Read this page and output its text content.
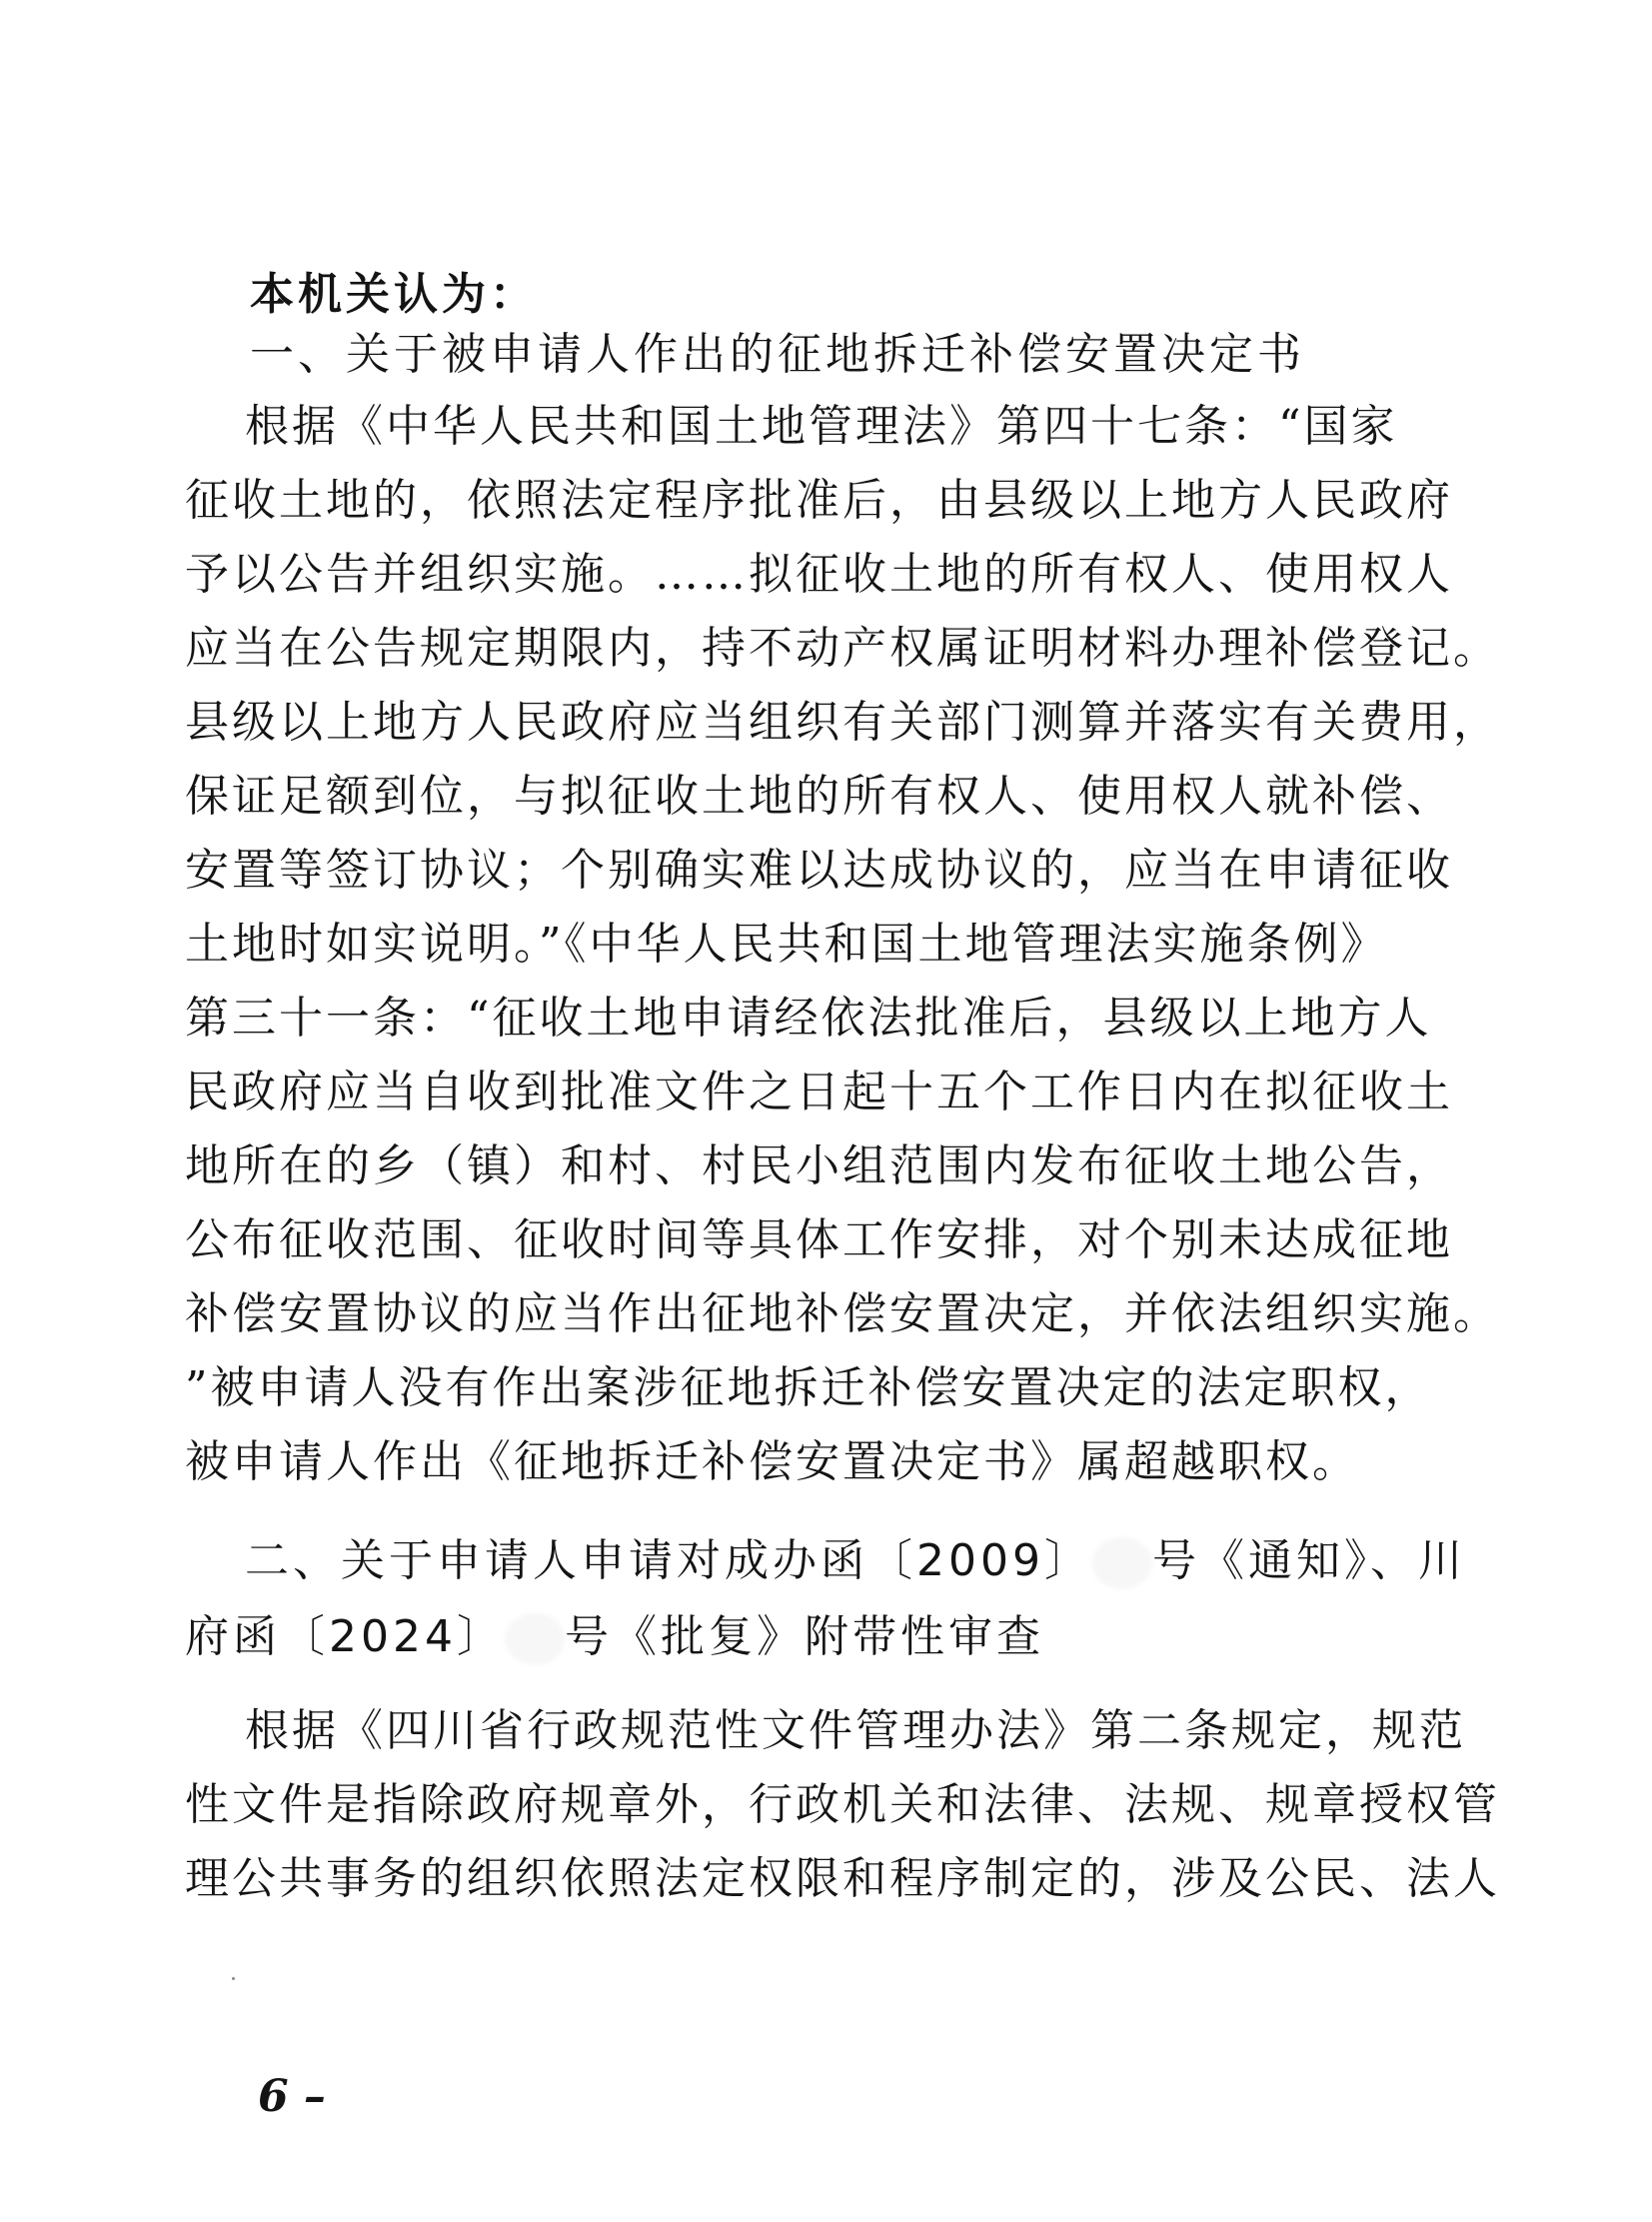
本机关认为：
一、关于被申请人作出的征地拆迁补偿安置决定书
根据《中华人民共和国土地管理法》第四十七条：“国家
征收土地的，依照法定程序批准后，由县级以上地方人民政府
予以公告并组织实施。……拟征收土地的所有权人、使用权人
应当在公告规定期限内，持不动产权属证明材料办理补偿登记。
县级以上地方人民政府应当组织有关部门测算并落实有关费用，
保证足额到位，与拟征收土地的所有权人、使用权人就补偿、
安置等签订协议；个别确实难以达成协议的，应当在申请征收
土地时如实说明。”《中华人民共和国土地管理法实施条例》
第三十一条：“征收土地申请经依法批准后，县级以上地方人
民政府应当自收到批准文件之日起十五个工作日内在拟征收土
地所在的乡（镇）和村、村民小组范围内发布征收土地公告，
公布征收范围、征收时间等具体工作安排，对个别未达成征地
补偿安置协议的应当作出征地补偿安置决定，并依法组织实施。
”被申请人没有作出案涉征地拆迁补偿安置决定的法定职权，
被申请人作出《征地拆迁补偿安置决定书》属超越职权。
二、关于申请人申请对成办函〔2009〕 号《通知》、川
府函〔2024〕 号《批复》附带性审查
根据《四川省行政规范性文件管理办法》第二条规定，规范
性文件是指除政府规章外，行政机关和法律、法规、规章授权管
理公共事务的组织依照法定权限和程序制定的，涉及公民、法人
6 –
